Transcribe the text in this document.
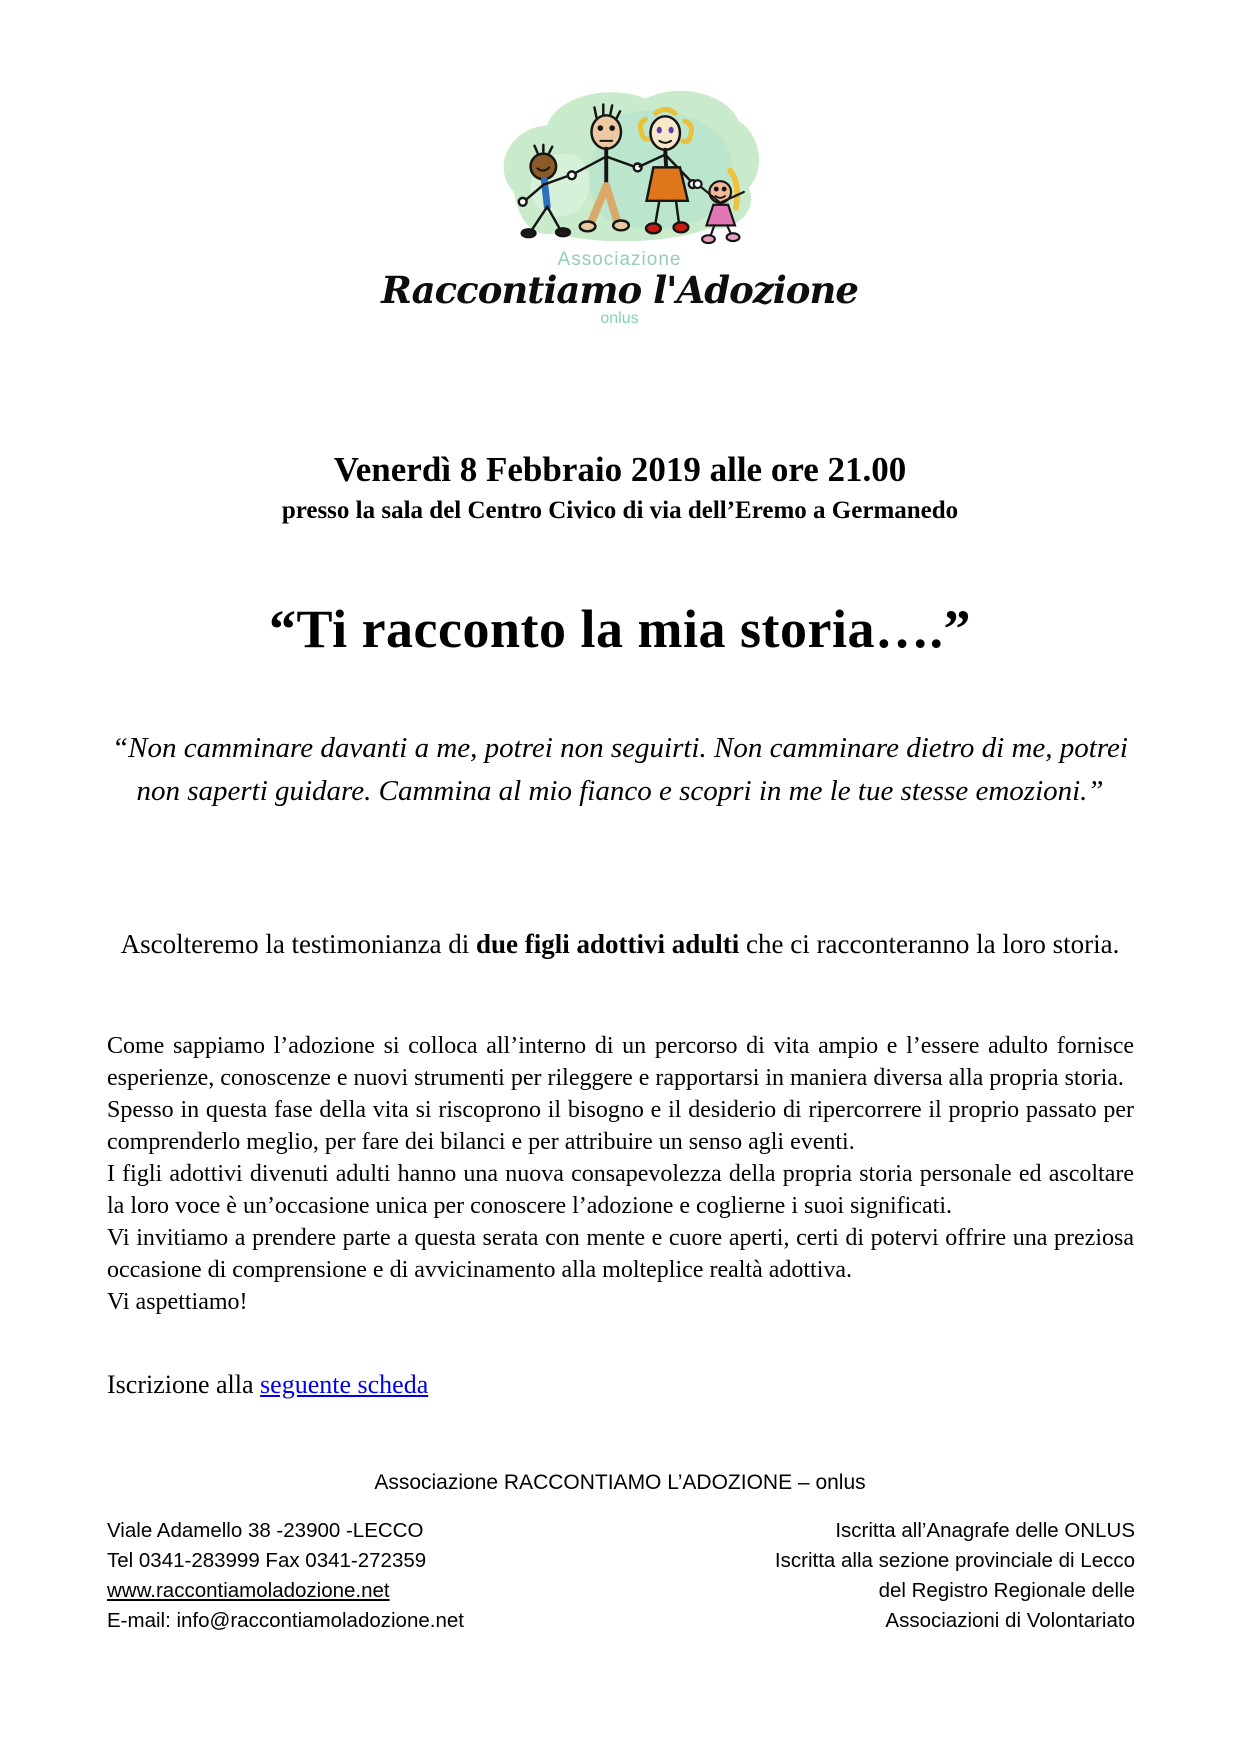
Associazione
Raccontiamo l'Adozione
onlus
Venerdì 8 Febbraio 2019 alle ore 21.00
presso la sala del Centro Civico di via dell’Eremo a Germanedo
“Ti racconto la mia storia….”
“Non camminare davanti a me, potrei non seguirti. Non camminare dietro di me, potrei non saperti guidare. Cammina al mio fianco e scopri in me le tue stesse emozioni.”
Ascolteremo la testimonianza di due figli adottivi adulti che ci racconteranno la loro storia.

Come sappiamo l’adozione si colloca all’interno di un percorso di vita ampio e l’essere adulto fornisce esperienze, conoscenze e nuovi strumenti per rileggere e rapportarsi in maniera diversa alla propria storia.

Spesso in questa fase della vita si riscoprono il bisogno e il desiderio di ripercorrere il proprio passato per comprenderlo meglio, per fare dei bilanci e per attribuire un senso agli eventi.

I figli adottivi divenuti adulti hanno una nuova consapevolezza della propria storia personale ed ascoltare la loro voce è un’occasione unica per conoscere l’adozione e coglierne i suoi significati.

Vi invitiamo a prendere parte a questa serata con mente e cuore aperti, certi di potervi offrire una preziosa occasione di comprensione e di avvicinamento alla molteplice realtà adottiva.

Vi aspettiamo!

Iscrizione alla seguente scheda
Associazione RACCONTIAMO L’ADOZIONE – onlus
Viale Adamello 38 -23900 -LECCO
Tel 0341-283999 Fax 0341-272359
www.raccontiamoladozione.net
E-mail: info@raccontiamoladozione.net
Iscritta all’Anagrafe delle ONLUS
Iscritta alla sezione provinciale di Lecco
del Registro Regionale delle
Associazioni di Volontariato
